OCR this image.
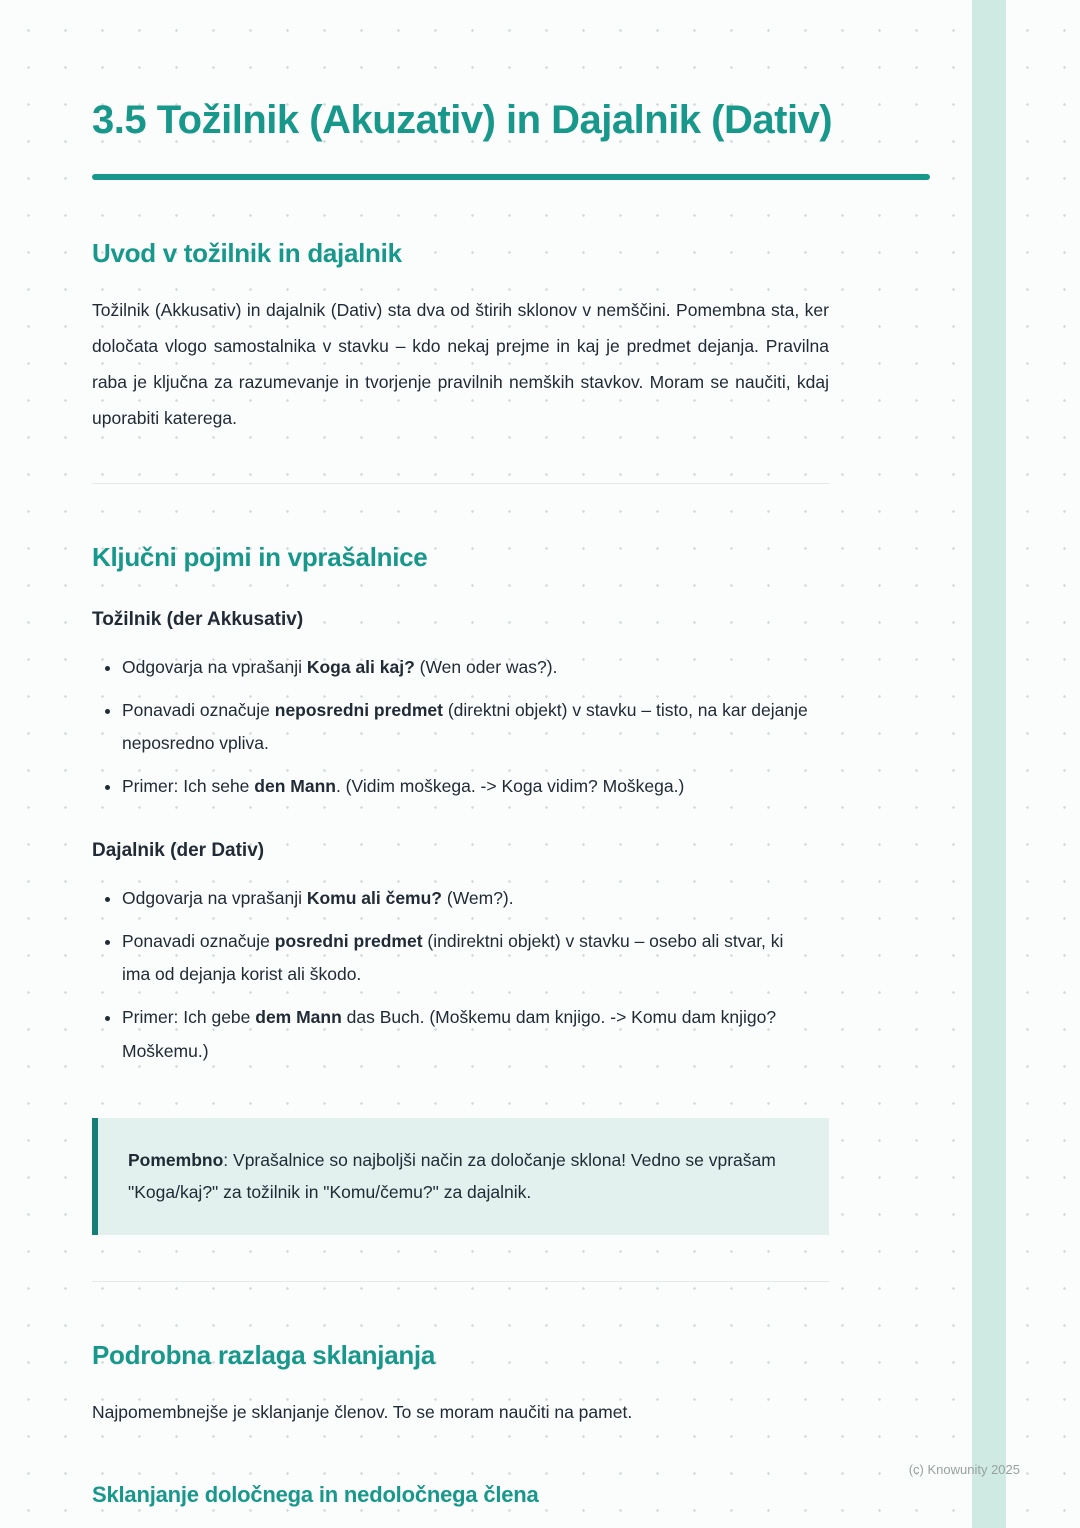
3.5 Tožilnik (Akuzativ) in Dajalnik (Dativ)
Uvod v tožilnik in dajalnik

Tožilnik (Akkusativ) in dajalnik (Dativ) sta dva od štirih sklonov v nemščini. Pomembna sta, ker določata vlogo samostalnika v stavku – kdo nekaj prejme in kaj je predmet dejanja. Pravilna raba je ključna za razumevanje in tvorjenje pravilnih nemških stavkov. Moram se naučiti, kdaj uporabiti katerega.

Ključni pojmi in vprašalnice
Tožilnik (der Akkusativ)
• Odgovarja na vprašanji Koga ali kaj? (Wen oder was?).
• Ponavadi označuje neposredni predmet (direktni objekt) v stavku – tisto, na kar dejanje neposredno vpliva.
• Primer: Ich sehe den Mann. (Vidim moškega. -> Koga vidim? Moškega.)
Dajalnik (der Dativ)
• Odgovarja na vprašanji Komu ali čemu? (Wem?).
• Ponavadi označuje posredni predmet (indirektni objekt) v stavku – osebo ali stvar, ki ima od dejanja korist ali škodo.
• Primer: Ich gebe dem Mann das Buch. (Moškemu dam knjigo. -> Komu dam knjigo? Moškemu.)

Pomembno: Vprašalnice so najboljši način za določanje sklona! Vedno se vprašam "Koga/kaj?" za tožilnik in "Komu/čemu?" za dajalnik.

Podrobna razlaga sklanjanja

Najpomembnejše je sklanjanje členov. To se moram naučiti na pamet.

Sklanjanje določnega in nedoločnega člena
(c) Knowunity 2025
